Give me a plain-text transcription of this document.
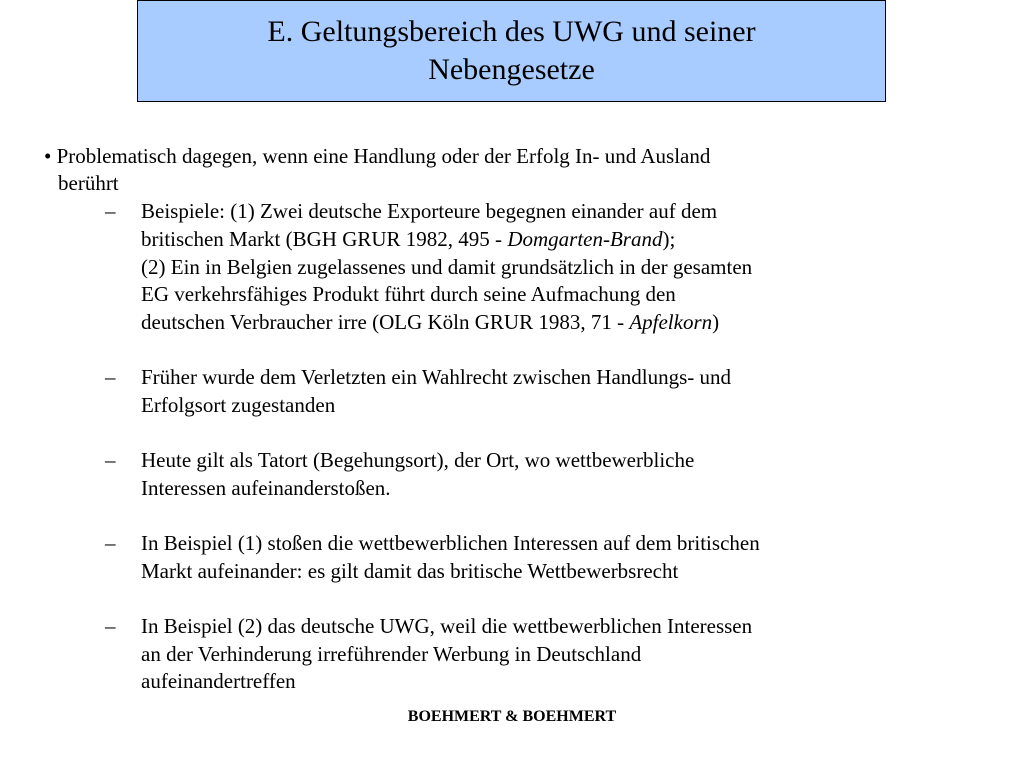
E. Geltungsbereich des UWG und seiner
Nebengesetze
• Problematisch dagegen, wenn eine Handlung oder der Erfolg In- und Ausland
berührt
– Beispiele: (1) Zwei deutsche Exporteure begegnen einander auf dem
britischen Markt (BGH GRUR 1982, 495 - Domgarten-Brand);
(2) Ein in Belgien zugelassenes und damit grundsätzlich in der gesamten
EG verkehrsfähiges Produkt führt durch seine Aufmachung den
deutschen Verbraucher irre (OLG Köln GRUR 1983, 71 - Apfelkorn)
– Früher wurde dem Verletzten ein Wahlrecht zwischen Handlungs- und
Erfolgsort zugestanden
– Heute gilt als Tatort (Begehungsort), der Ort, wo wettbewerbliche
Interessen aufeinanderstoßen.
– In Beispiel (1) stoßen die wettbewerblichen Interessen auf dem britischen
Markt aufeinander: es gilt damit das britische Wettbewerbsrecht
– In Beispiel (2) das deutsche UWG, weil die wettbewerblichen Interessen
an der Verhinderung irreführender Werbung in Deutschland
aufeinandertreffen
BOEHMERT & BOEHMERT
